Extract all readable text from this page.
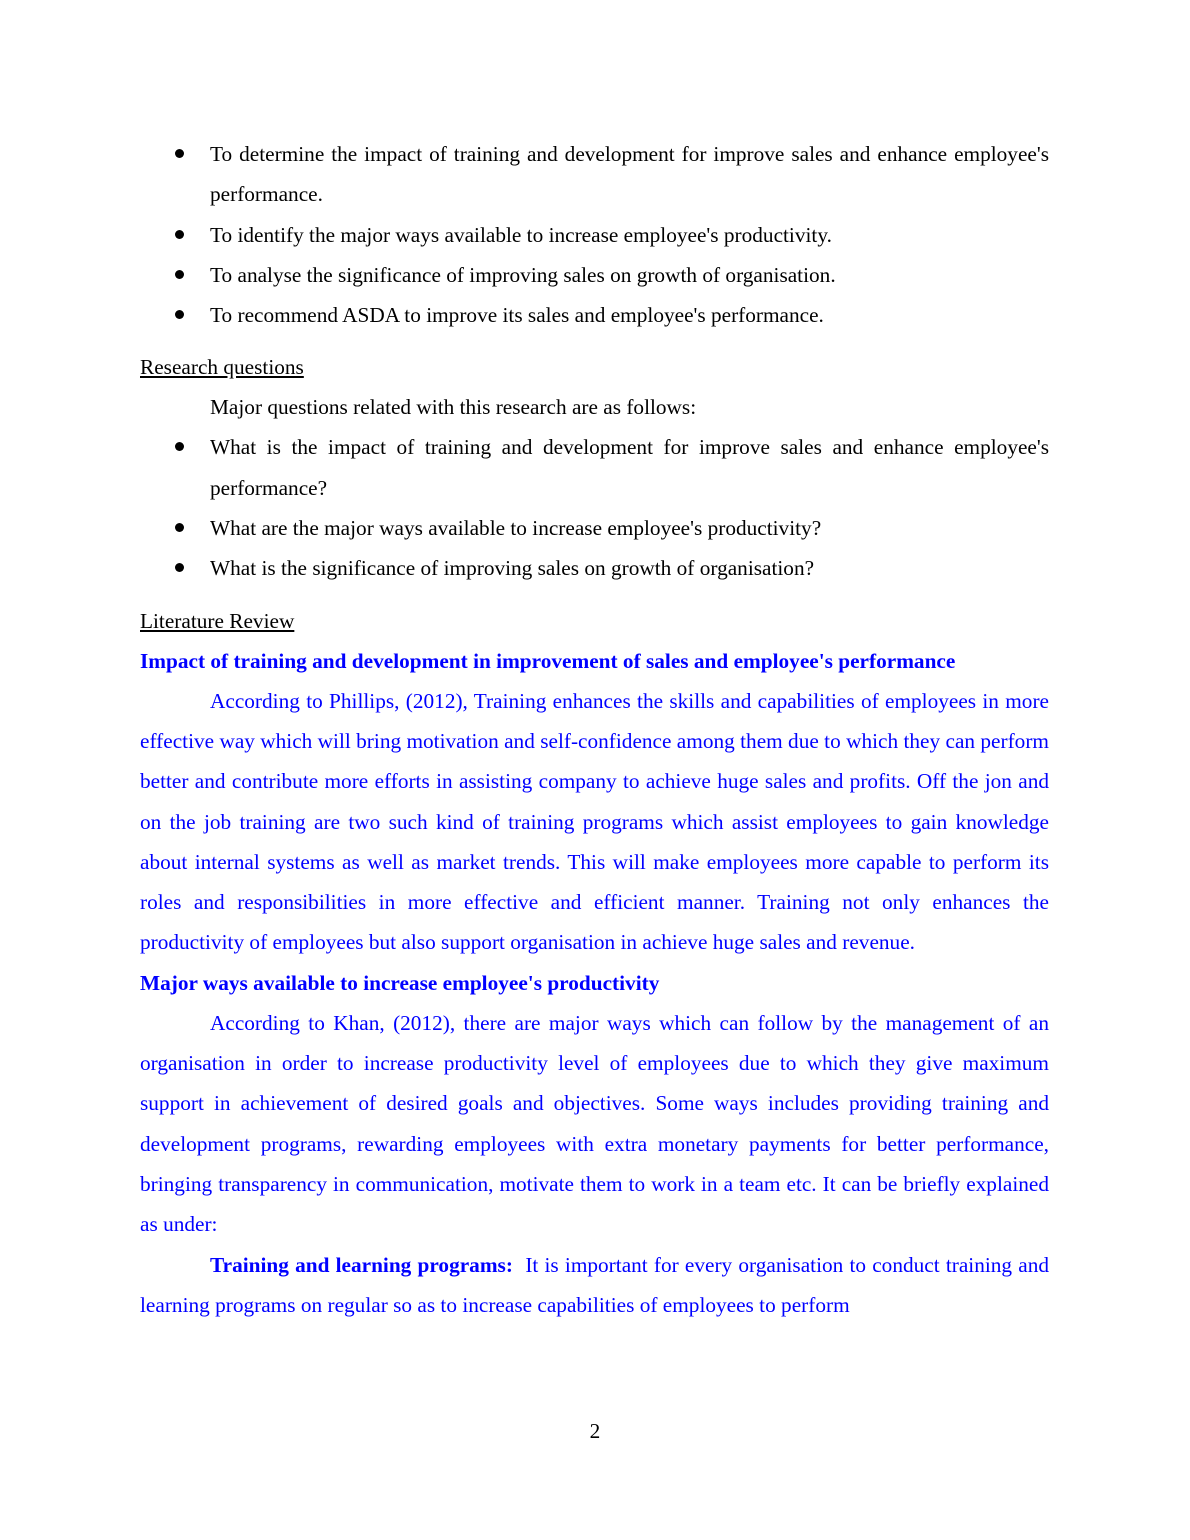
To determine the impact of training and development for improve sales and enhance employee's performance.
To identify the major ways available to increase employee's productivity.
To analyse the significance of improving sales on growth of organisation.
To recommend ASDA to improve its sales and employee's performance.
Research questions
Major questions related with this research are as follows:
What is the impact of training and development for improve sales and enhance employee's performance?
What are the major ways available to increase employee's productivity?
What is the significance of improving sales on growth of organisation?
Literature Review
Impact of training and development in improvement of sales and employee's performance

According to Phillips, (2012), Training enhances the skills and capabilities of employees in more effective way which will bring motivation and self-confidence among them due to which they can perform better and contribute more efforts in assisting company to achieve huge sales and profits. Off the jon and on the job training are two such kind of training programs which assist employees to gain knowledge about internal systems as well as market trends. This will make employees more capable to perform its roles and responsibilities in more effective and efficient manner. Training not only enhances the productivity of employees but also support organisation in achieve huge sales and revenue.

Major ways available to increase employee's productivity

According to Khan, (2012), there are major ways which can follow by the management of an organisation in order to increase productivity level of employees due to which they give maximum support in achievement of desired goals and objectives. Some ways includes providing training and development programs, rewarding employees with extra monetary payments for better performance, bringing transparency in communication, motivate them to work in a team etc. It can be briefly explained as under:

Training and learning programs:  It is important for every organisation to conduct training and learning programs on regular so as to increase capabilities of employees to perform

2
